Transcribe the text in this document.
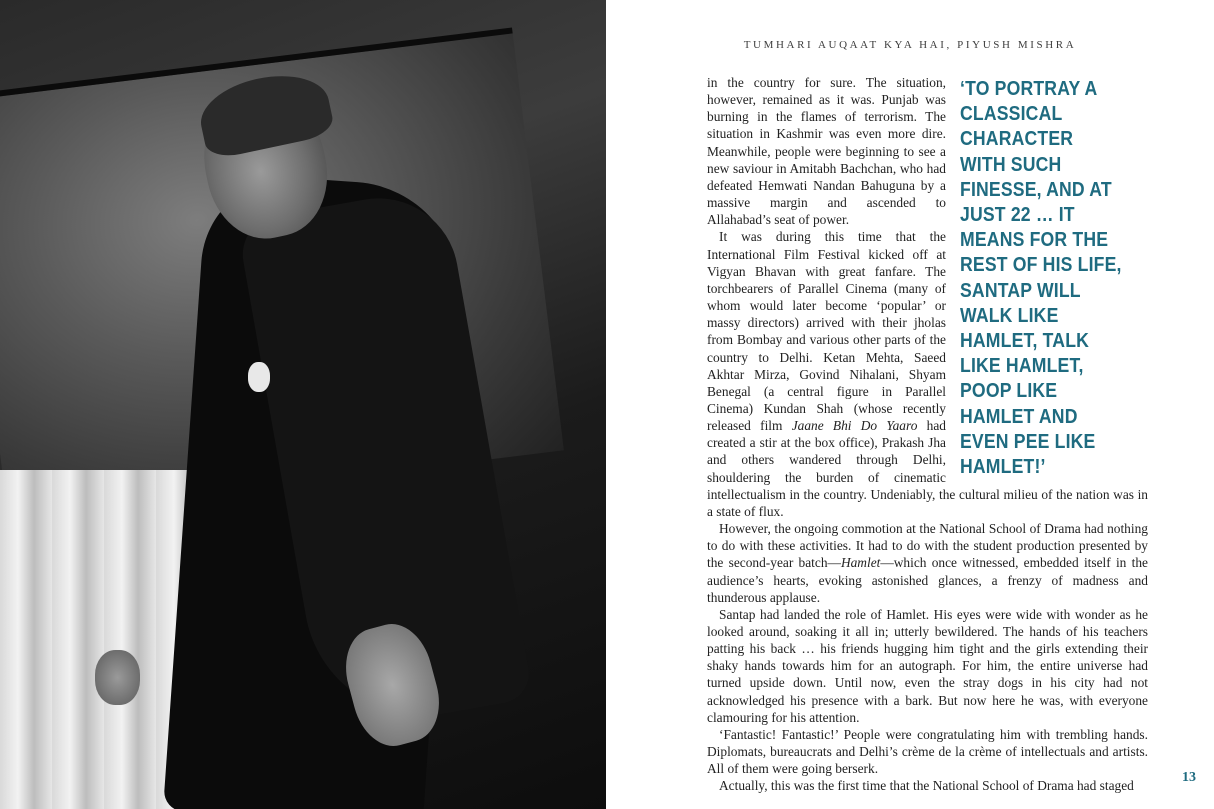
TUMHARI AUQAAT KYA HAI, PIYUSH MISHRA
‘TO PORTRAY A CLASSICAL CHARACTER WITH SUCH FINESSE, AND AT JUST 22 … IT MEANS FOR THE REST OF HIS LIFE, SANTAP WILL WALK LIKE HAMLET, TALK LIKE HAMLET, POOP LIKE HAMLET AND EVEN PEE LIKE HAMLET!’

in the country for sure. The situation, however, remained as it was. Punjab was burning in the flames of terrorism. The situation in Kashmir was even more dire. Meanwhile, people were beginning to see a new saviour in Amitabh Bachchan, who had defeated Hemwati Nandan Bahuguna by a massive margin and ascended to Allahabad’s seat of power.

It was during this time that the International Film Festival kicked off at Vigyan Bhavan with great fanfare. The torchbearers of Parallel Cinema (many of whom would later become ‘popular’ or massy directors) arrived with their jholas from Bombay and various other parts of the country to Delhi. Ketan Mehta, Saeed Akhtar Mirza, Govind Nihalani, Shyam Benegal (a central figure in Parallel Cinema) Kundan Shah (whose recently released film Jaane Bhi Do Yaaro had created a stir at the box office), Prakash Jha and others wandered through Delhi, shouldering the burden of cinematic intellectualism in the country. Undeniably, the cultural milieu of the nation was in a state of flux.

However, the ongoing commotion at the National School of Drama had nothing to do with these activities. It had to do with the student production presented by the second-year batch—Hamlet—which once witnessed, embedded itself in the audience’s hearts, evoking astonished glances, a frenzy of madness and thunderous applause.

Santap had landed the role of Hamlet. His eyes were wide with wonder as he looked around, soaking it all in; utterly bewildered. The hands of his teachers patting his back … his friends hugging him tight and the girls extending their shaky hands towards him for an autograph. For him, the entire universe had turned upside down. Until now, even the stray dogs in his city had not acknowledged his presence with a bark. But now here he was, with everyone clamouring for his attention.

‘Fantastic! Fantastic!’ People were congratulating him with trembling hands. Diplomats, bureaucrats and Delhi’s crème de la crème of intellectuals and artists. All of them were going berserk.

Actually, this was the first time that the National School of Drama had staged

13
